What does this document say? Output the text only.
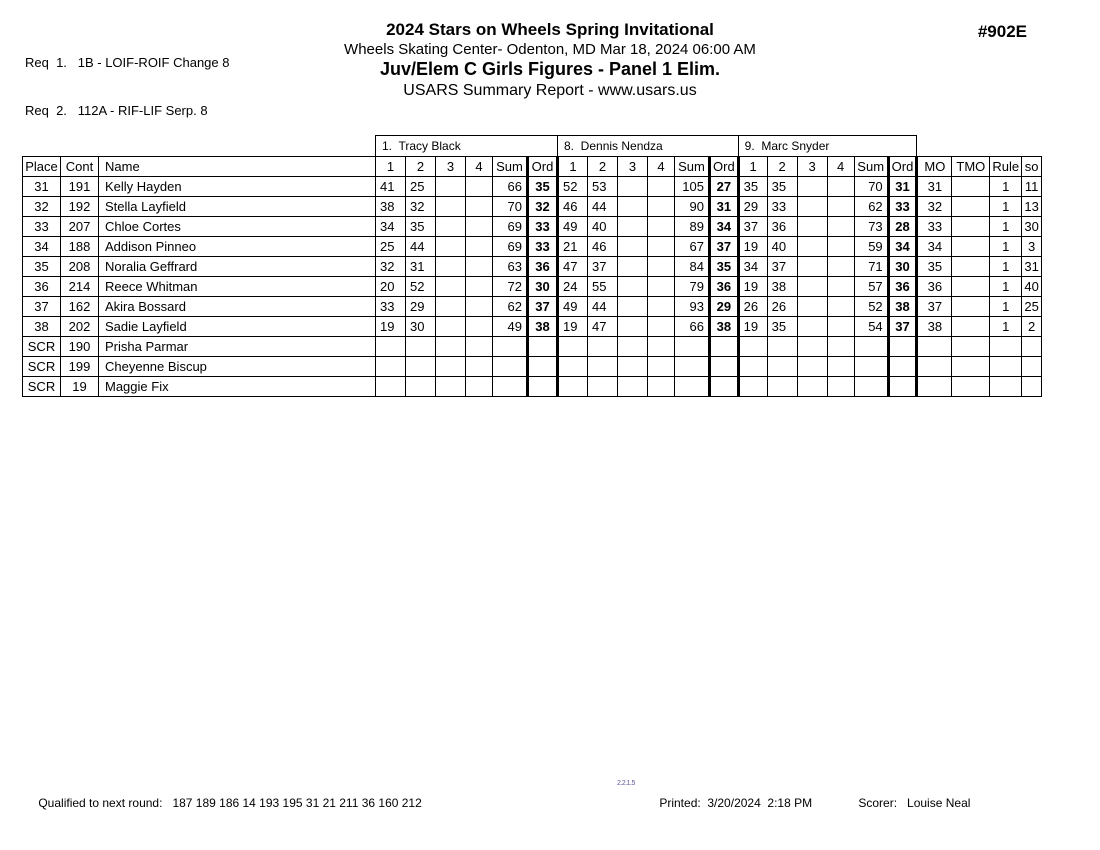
Req  1.   1B - LOIF-ROIF Change 8

Req  2.   112A - RIF-LIF Serp. 8

2024 Stars on Wheels Spring Invitational
Wheels Skating Center- Odenton, MD Mar 18, 2024 06:00 AM
Juv/Elem C Girls Figures - Panel 1 Elim.
USARS Summary Report - www.usars.us
#902E
			1.  Tracy Black						8.  Dennis Nendza						9.  Marc Snyder									
Place	Cont	Name	1	2	3	4	Sum	Ord	1	2	3	4	Sum	Ord	1	2	3	4	Sum	Ord	MO	TMO	Rule	so
31	191	Kelly Hayden	41	25			66	35	52	53			105	27	35	35			70	31	31		1	11
32	192	Stella Layfield	38	32			70	32	46	44			90	31	29	33			62	33	32		1	13
33	207	Chloe Cortes	34	35			69	33	49	40			89	34	37	36			73	28	33		1	30
34	188	Addison Pinneo	25	44			69	33	21	46			67	37	19	40			59	34	34		1	3
35	208	Noralia Geffrard	32	31			63	36	47	37			84	35	34	37			71	30	35		1	31
36	214	Reece Whitman	20	52			72	30	24	55			79	36	19	38			57	36	36		1	40
37	162	Akira Bossard	33	29			62	37	49	44			93	29	26	26			52	38	37		1	25
38	202	Sadie Layfield	19	30			49	38	19	47			66	38	19	35			54	37	38		1	2
SCR	190	Prisha Parmar																						
SCR	199	Cheyenne Biscup																						
SCR	19	Maggie Fix																						

Qualified to next round:   187 189 186 14 193 195 31 21 211 36 160 212

2.2.1.5

Printed:  3/20/2024  2:18 PM
	Scorer:   Louise Neal
